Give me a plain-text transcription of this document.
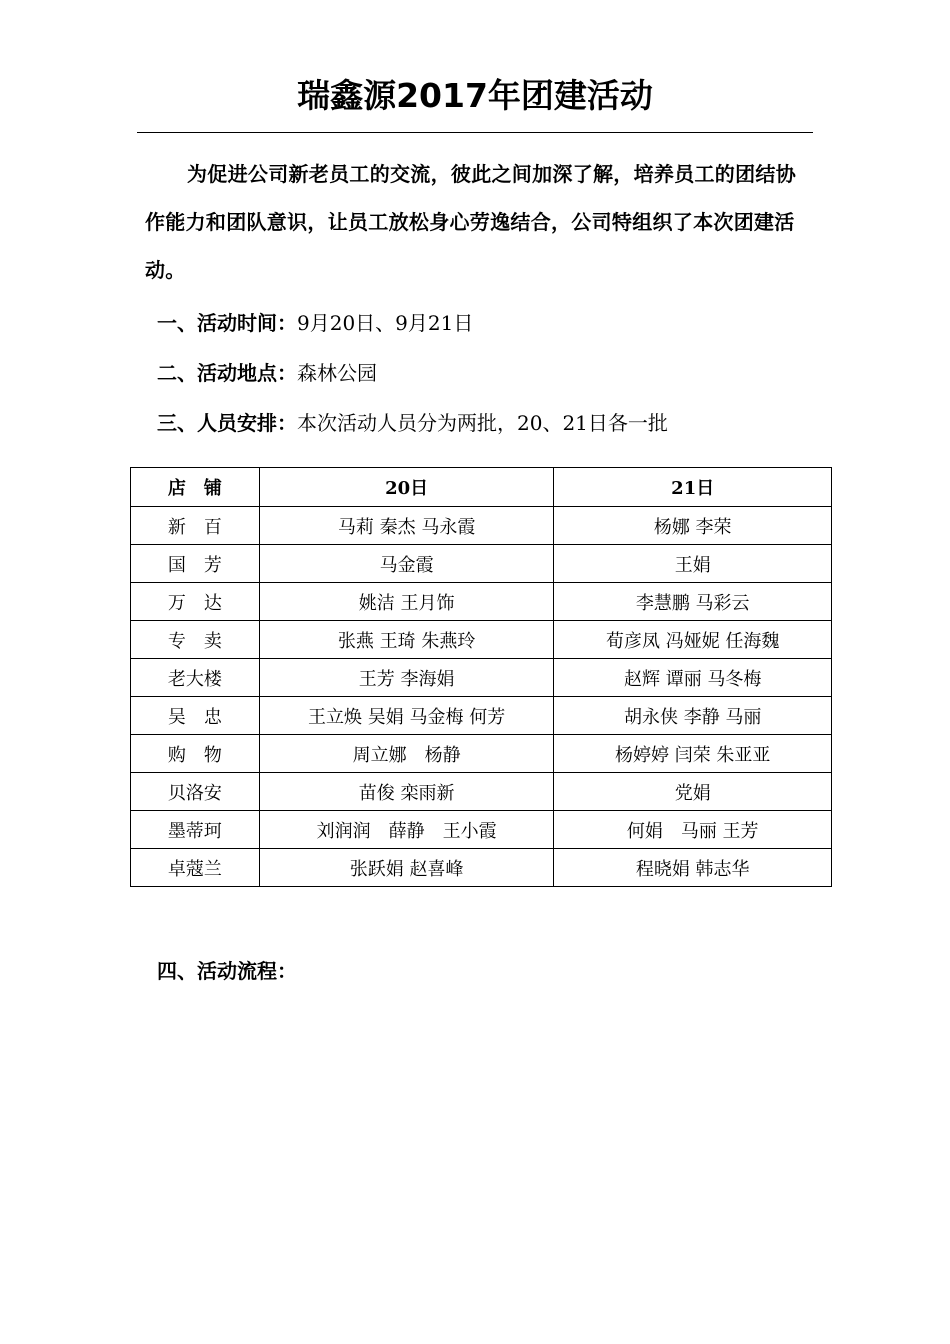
瑞鑫源2017年团建活动
为促进公司新老员工的交流，彼此之间加深了解，培养员工的团结协作能力和团队意识，让员工放松身心劳逸结合，公司特组织了本次团建活动。
一、活动时间：9月20日、9月21日
二、活动地点：森林公园
三、人员安排：本次活动人员分为两批，20、21日各一批
店　铺	20日	21日
新　百	马莉 秦杰 马永霞	杨娜 李荣
国　芳	马金霞	王娟
万　达	姚洁 王月饰	李慧鹏 马彩云
专　卖	张燕 王琦 朱燕玲	荀彦凤 冯娅妮 任海魏
老大楼	王芳 李海娟	赵辉 谭丽 马冬梅
吴　忠	王立焕 吴娟 马金梅 何芳	胡永侠 李静 马丽
购　物	周立娜　杨静	杨婷婷 闫荣 朱亚亚
贝洛安	苗俊 栾雨新	党娟
墨蒂珂	刘润润　薛静　王小霞	何娟　马丽 王芳
卓蔻兰	张跃娟 赵喜峰	程晓娟 韩志华
四、活动流程：
